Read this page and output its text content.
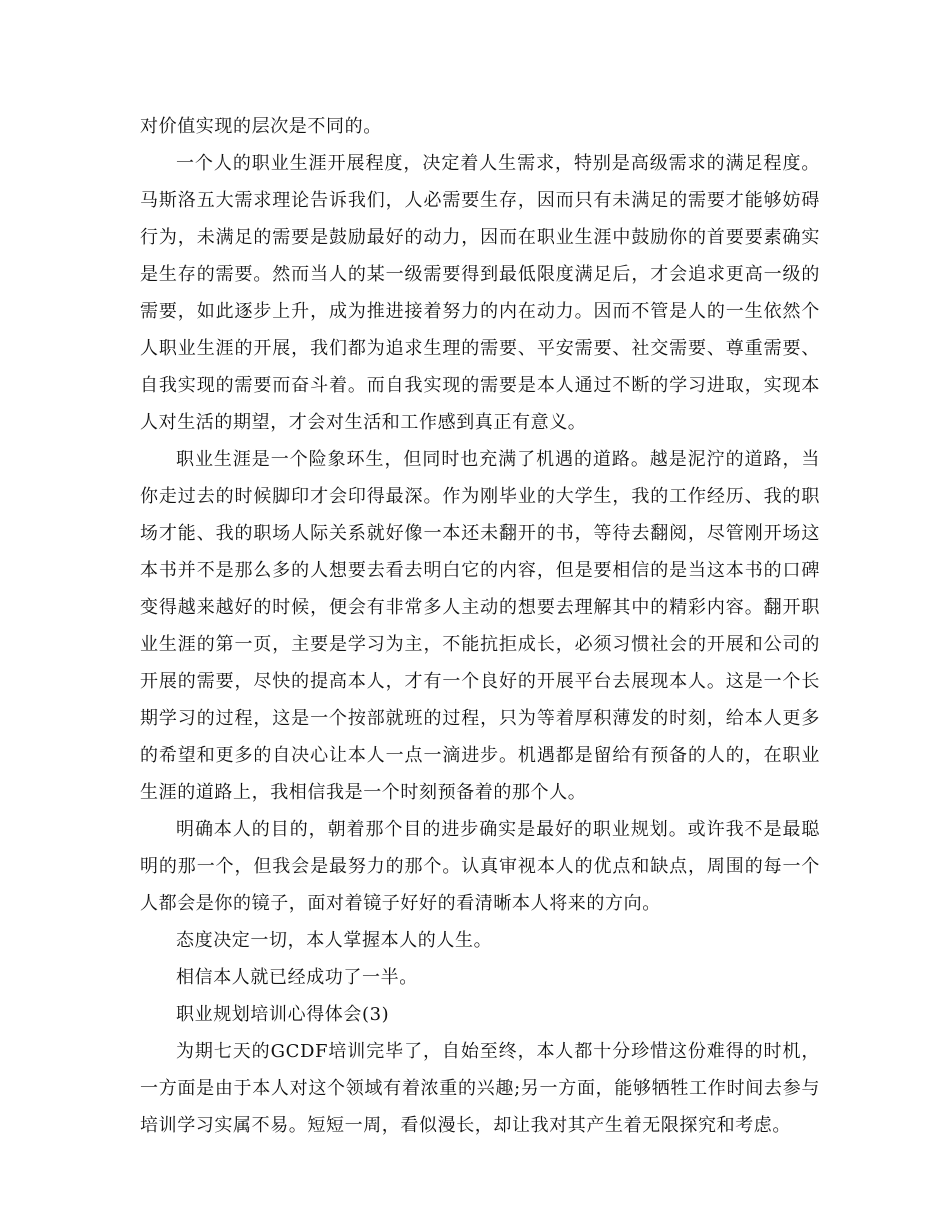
对价值实现的层次是不同的。

一个人的职业生涯开展程度，决定着人生需求，特别是高级需求的满足程度。马斯洛五大需求理论告诉我们，人必需要生存，因而只有未满足的需要才能够妨碍行为，未满足的需要是鼓励最好的动力，因而在职业生涯中鼓励你的首要要素确实是生存的需要。然而当人的某一级需要得到最低限度满足后，才会追求更高一级的需要，如此逐步上升，成为推进接着努力的内在动力。因而不管是人的一生依然个人职业生涯的开展，我们都为追求生理的需要、平安需要、社交需要、尊重需要、自我实现的需要而奋斗着。而自我实现的需要是本人通过不断的学习进取，实现本人对生活的期望，才会对生活和工作感到真正有意义。

职业生涯是一个险象环生，但同时也充满了机遇的道路。越是泥泞的道路，当你走过去的时候脚印才会印得最深。作为刚毕业的大学生，我的工作经历、我的职场才能、我的职场人际关系就好像一本还未翻开的书，等待去翻阅，尽管刚开场这本书并不是那么多的人想要去看去明白它的内容，但是要相信的是当这本书的口碑变得越来越好的时候，便会有非常多人主动的想要去理解其中的精彩内容。翻开职业生涯的第一页，主要是学习为主，不能抗拒成长，必须习惯社会的开展和公司的开展的需要，尽快的提高本人，才有一个良好的开展平台去展现本人。这是一个长期学习的过程，这是一个按部就班的过程，只为等着厚积薄发的时刻，给本人更多的希望和更多的自决心让本人一点一滴进步。机遇都是留给有预备的人的，在职业生涯的道路上，我相信我是一个时刻预备着的那个人。

明确本人的目的，朝着那个目的进步确实是最好的职业规划。或许我不是最聪明的那一个，但我会是最努力的那个。认真审视本人的优点和缺点，周围的每一个人都会是你的镜子，面对着镜子好好的看清晰本人将来的方向。

态度决定一切，本人掌握本人的人生。

相信本人就已经成功了一半。

职业规划培训心得体会(3)

为期七天的GCDF培训完毕了，自始至终，本人都十分珍惜这份难得的时机，一方面是由于本人对这个领域有着浓重的兴趣;另一方面，能够牺牲工作时间去参与培训学习实属不易。短短一周，看似漫长，却让我对其产生着无限探究和考虑。
